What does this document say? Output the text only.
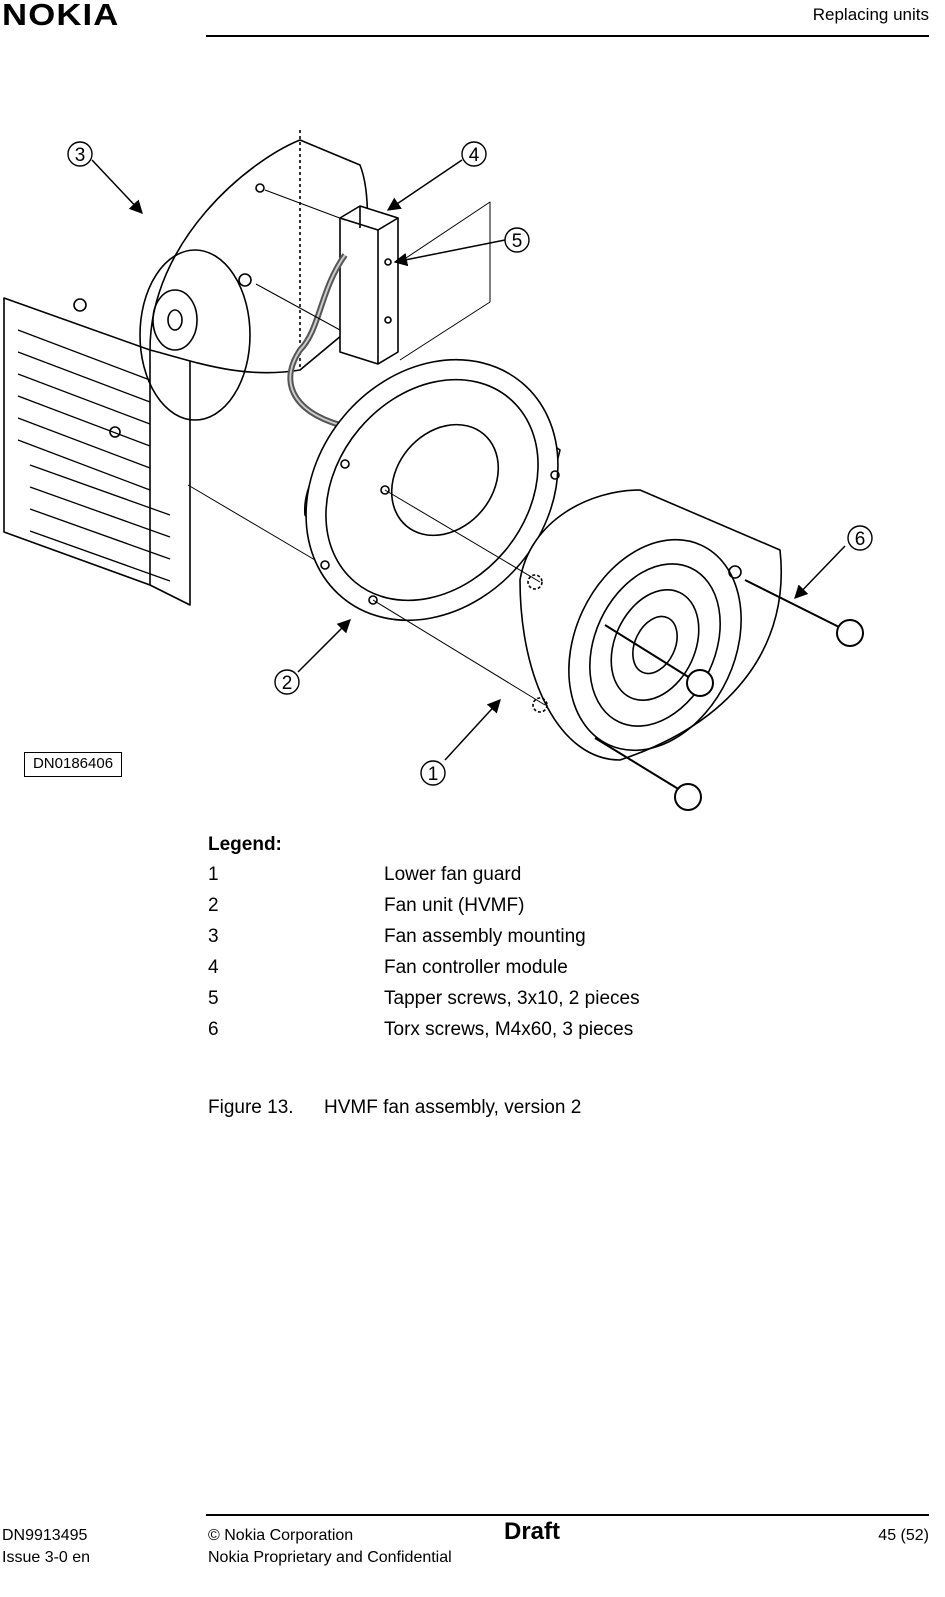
NOKIA	Replacing units
3	4
5
6
2
1
DN0186406
Legend:
1	Lower fan guard
2	Fan unit (HVMF)
3	Fan assembly mounting
4	Fan controller module
5	Tapper screws, 3x10, 2 pieces
6	Torx screws, M4x60, 3 pieces
Figure 13. HVMF fan assembly, version 2
DN9913495
Issue 3-0 en
© Nokia Corporation
Nokia Proprietary and Confidential
Draft	45 (52)
